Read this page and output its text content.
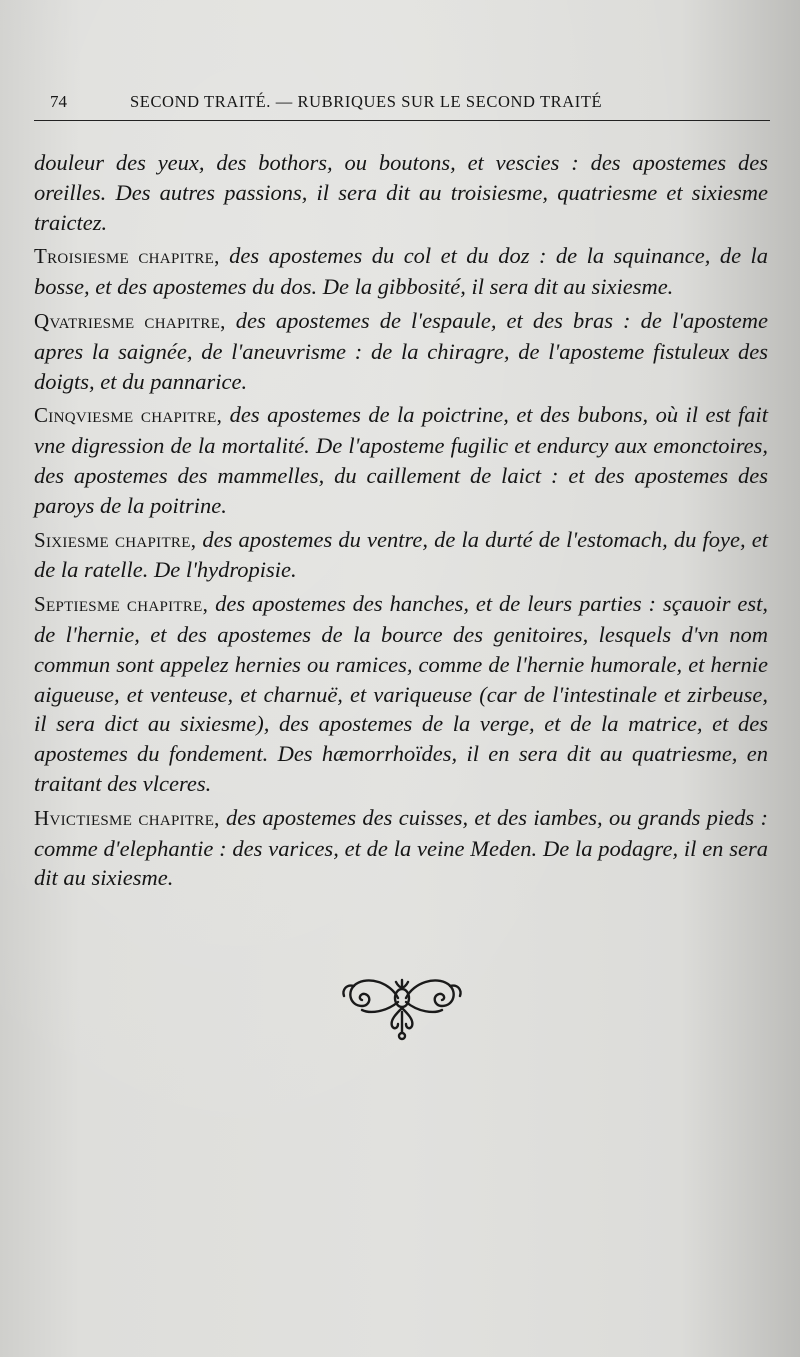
74	SECOND TRAITÉ. — RUBRIQUES SUR LE SECOND TRAITÉ

douleur des yeux, des bothors, ou boutons, et vescies : des apostemes des oreilles. Des autres passions, il sera dit au troisiesme, quatriesme et sixiesme traictez.

Troisiesme chapitre, des apostemes du col et du doz : de la squinance, de la bosse, et des apostemes du dos. De la gibbosité, il sera dit au sixiesme.

Qvatriesme chapitre, des apostemes de l'espaule, et des bras : de l'aposteme apres la saignée, de l'aneuvrisme : de la chiragre, de l'aposteme fistuleux des doigts, et du pannarice.

Cinqviesme chapitre, des apostemes de la poictrine, et des bubons, où il est fait vne digression de la mortalité. De l'aposteme fugilic et endurcy aux emonctoires, des apostemes des mammelles, du caillement de laict : et des apostemes des paroys de la poitrine.

Sixiesme chapitre, des apostemes du ventre, de la durté de l'estomach, du foye, et de la ratelle. De l'hydropisie.

Septiesme chapitre, des apostemes des hanches, et de leurs parties : sçauoir est, de l'hernie, et des apostemes de la bource des genitoires, lesquels d'vn nom commun sont appelez hernies ou ramices, comme de l'hernie humorale, et hernie aigueuse, et venteuse, et charnuë, et variqueuse (car de l'intestinale et zirbeuse, il sera dict au sixiesme), des apostemes de la verge, et de la matrice, et des apostemes du fondement. Des hæmorrhoïdes, il en sera dit au quatriesme, en traitant des vlceres.

Hvictiesme chapitre, des apostemes des cuisses, et des iambes, ou grands pieds : comme d'elephantie : des varices, et de la veine Meden. De la podagre, il en sera dit au sixiesme.
